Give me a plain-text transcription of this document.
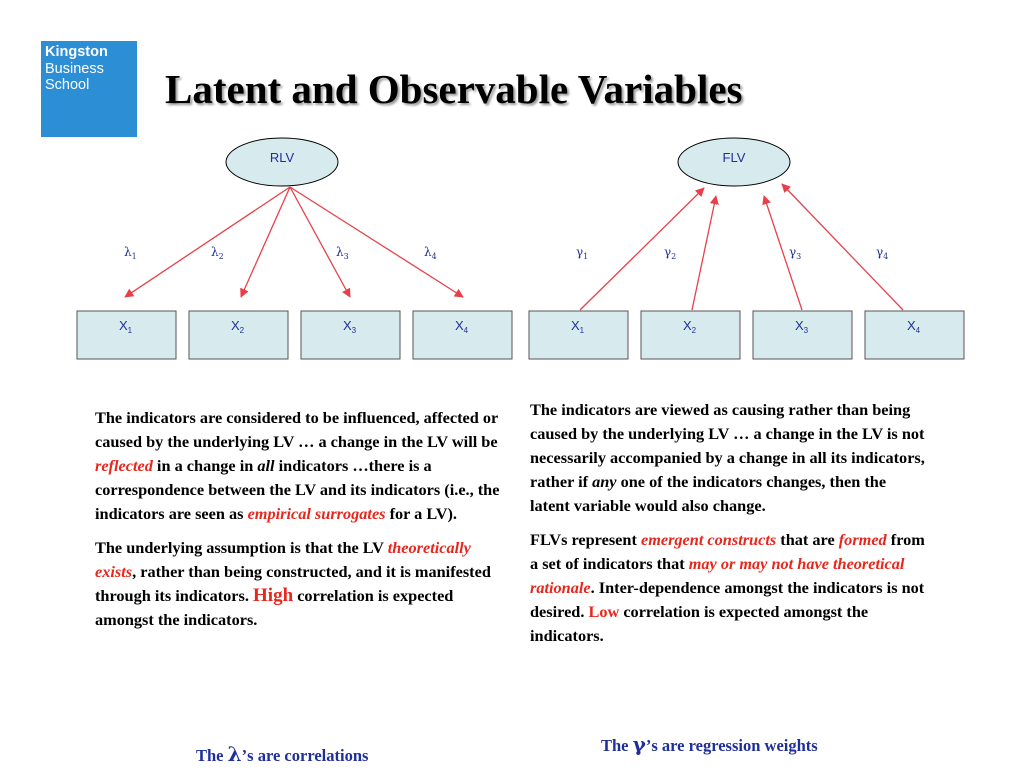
Kingston
Business
School	Latent and Observable Variables
RLV
$\lambda_1$	$\lambda_2$	$\lambda_3$	$\lambda_4$
$X_1$	$X_2$	$X_3$	$X_4$
FLV
$\gamma_1$	$\gamma_2$	$\gamma_3$	$\gamma_4$
$X_1$	$X_2$	$X_3$	$X_4$

The indicators are considered to be influenced, affected or caused by the underlying LV … a change in the LV will be reflected in a change in all indicators …there is a correspondence between the LV and its indicators (i.e., the indicators are seen as empirical surrogates for a LV).

The underlying assumption is that the LV theoretically exists, rather than being constructed, and it is manifested through its indicators. High correlation is expected amongst the indicators.

The indicators are viewed as causing rather than being caused by the underlying LV … a change in the LV is not necessarily accompanied by a change in all its indicators, rather if any one of the indicators changes, then the latent variable would also change.

FLVs represent emergent constructs that are formed from a set of indicators that may or may not have theoretical rationale. Inter-dependence amongst the indicators is not desired. Low correlation is expected amongst the indicators.

The λ’s are correlations
The γ’s are regression weights
